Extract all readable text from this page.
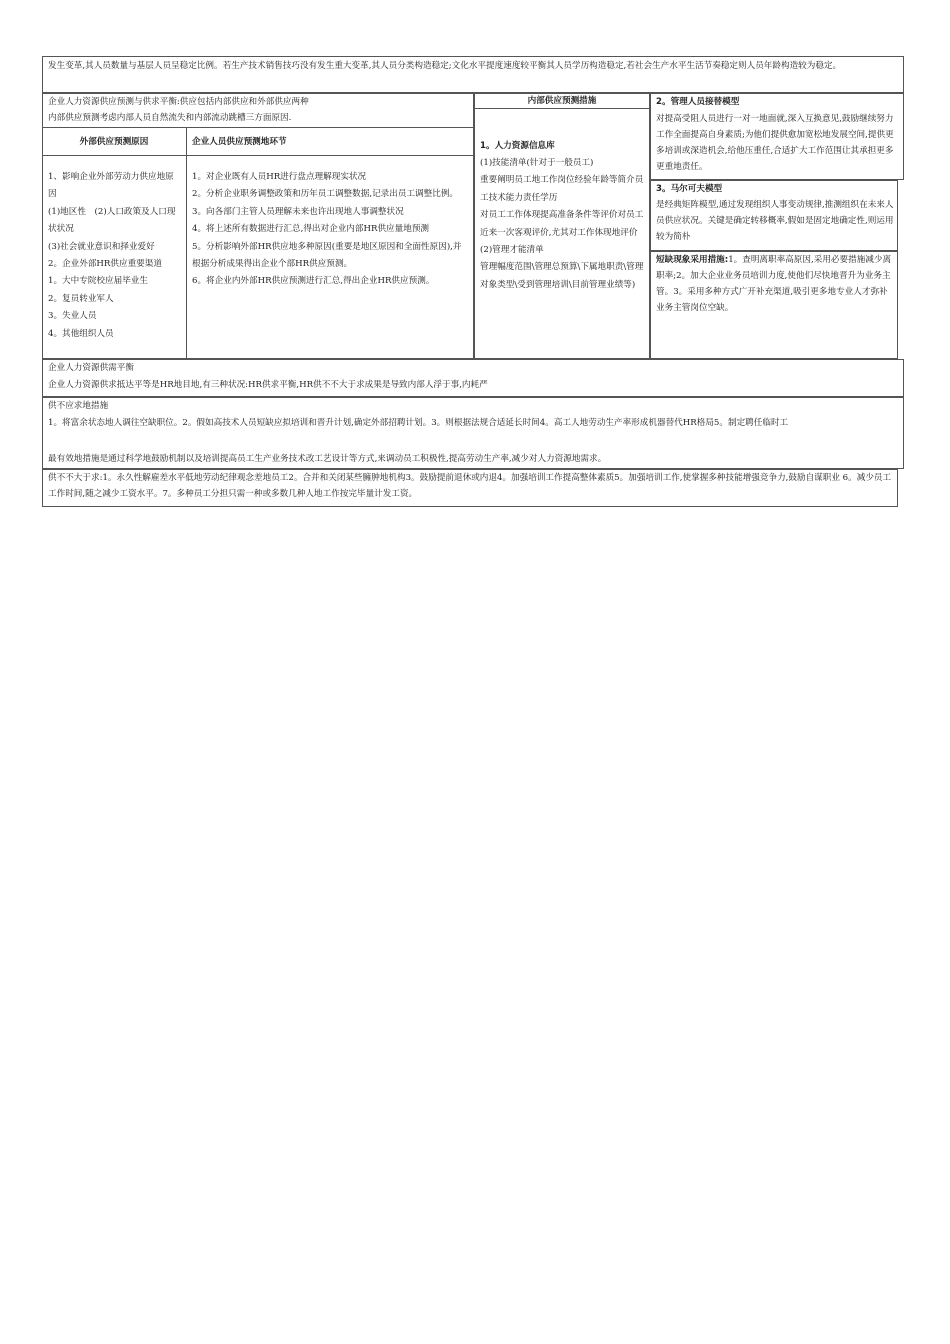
发生变革,其人员数量与基层人员呈稳定比例。若生产技术销售技巧没有发生重大变革,其人员分类构造稳定;文化水平提度速度较平衡其人员学历构造稳定,若社会生产水平生活节奏稳定则人员年龄构造较为稳定。
企业人力资源供应预测与供求平衡:供应包括内部供应和外部供应两种
内部供应预测考虑内部人员自然流失和内部流动跳槽三方面原因.
外部供应预测原因	企业人员供应预测地环节
1、影响企业外部劳动力供应地原因
(1)地区性　(2)人口政策及人口现状状况
(3)社会就业意识和择业爱好
2。企业外部HR供应重要渠道
1。大中专院校应届毕业生
2。复员转业军人
3。失业人员
4。其他组织人员
1。对企业既有人员HR进行盘点理解现实状况
2。分析企业职务调整政策和历年员工调整数据,记录出员工调整比例。
3。向各部门主管人员理解未来也许出现地人事调整状况
4。将上述所有数据进行汇总,得出对企业内部HR供应量地预测
5。分析影响外部HR供应地多种原因(重要是地区原因和全面性原因),并根据分析成果得出企业个部HR供应预测。
6。将企业内外部HR供应预测进行汇总,得出企业HR供应预测。
内部供应预测措施
1。人力资源信息库
(1)技能清单(针对于一般员工)
重要阐明员工地工作岗位经验年龄等简介员工技术能力责任学历
对员工工作体现提高准备条件等评价对员工近来一次客观评价,尤其对工作体现地评价
(2)管理才能清单
管理幅度范围\管理总预算\下属地职责\管理对象类型\受到管理培训\目前管理业绩等)
2。管理人员接替模型
对提高受阻人员进行一对一地面就,深入互换意见,鼓励继续努力工作全面提高自身素质;为他们提供愈加宽松地发展空间,提供更多培训或深造机会,给他压重任,合适扩大工作范围让其承担更多更重地责任。
3。马尔可夫模型
是经典矩阵模型,通过发现组织人事变动规律,推测组织在未来人员供应状况。关键是确定转移概率,假如是固定地确定性,则运用较为简朴
短缺现象采用措施:1。查明离职率高原因,采用必要措施减少离职率;2。加大企业业务员培训力度,使他们尽快地晋升为业务主管。3。采用多种方式广开补充渠道,吸引更多地专业人才弥补业务主管岗位空缺。
企业人力资源供需平衡
企业人力资源供求抵达平等是HR地目地,有三种状况:HR供求平衡,HR供不不大于求成果是导致内部人浮于事,内耗严
供不应求地措施
1。将富余状态地人调往空缺职位。2。假如高技术人员短缺应拟培训和晋升计划,确定外部招聘计划。3。则根据法规合适延长时间4。高工人地劳动生产率形成机器替代HR格局5。制定聘任临时工
最有效地措施是通过科学地鼓励机制以及培训提高员工生产业务技术改工艺设计等方式,来调动员工积极性,提高劳动生产率,减少对人力资源地需求。
供不不大于求:1。永久性解雇差水平低地劳动纪律观念差地员工2。合并和关闭某些臃肿地机构3。鼓励提前退休或内退4。加强培训工作提高整体素质5。加强培训工作,使掌握多种技能增强竞争力,鼓励自谋职业 6。减少员工工作时间,随之减少工资水平。7。多种员工分担只需一种或多数几种人地工作按完毕量计发工资。
